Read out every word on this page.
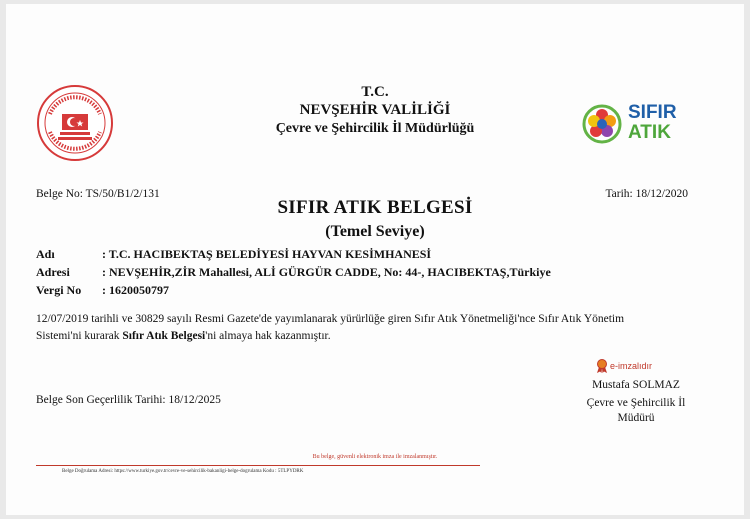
SIFIR
ATIK
T.C.
NEVŞEHİR VALİLİĞİ
Çevre ve Şehircilik İl Müdürlüğü
Belge No: TS/50/B1/2/131	Tarih: 18/12/2020
SIFIR ATIK BELGESİ
(Temel Seviye)
Adı	: T.C. HACIBEKTAŞ BELEDİYESİ HAYVAN KESİMHANESİ
Adresi	: NEVŞEHİR,ZİR Mahallesi, ALİ GÜRGÜR CADDE, No: 44-, HACIBEKTAŞ,Türkiye
Vergi No : 1620050797
12/07/2019 tarihli ve 30829 sayılı Resmi Gazete'de yayımlanarak yürürlüğe giren Sıfır Atık Yönetmeliği'nce Sıfır Atık Yönetim
Sistemi'ni kurarak Sıfır Atık Belgesi'ni almaya hak kazanmıştır.
e-imzalıdır
Mustafa SOLMAZ
Çevre ve Şehircilik İl
Müdürü
Belge Son Geçerlilik Tarihi: 18/12/2025
Bu belge, güvenli elektronik imza ile imzalanmıştır.
Belge Doğrulama Adresi: https://www.turkiye.gov.tr/cevre-ve-sehircilik-bakanligi-belge-dogrulama Kodu : 5TLPYDRK
